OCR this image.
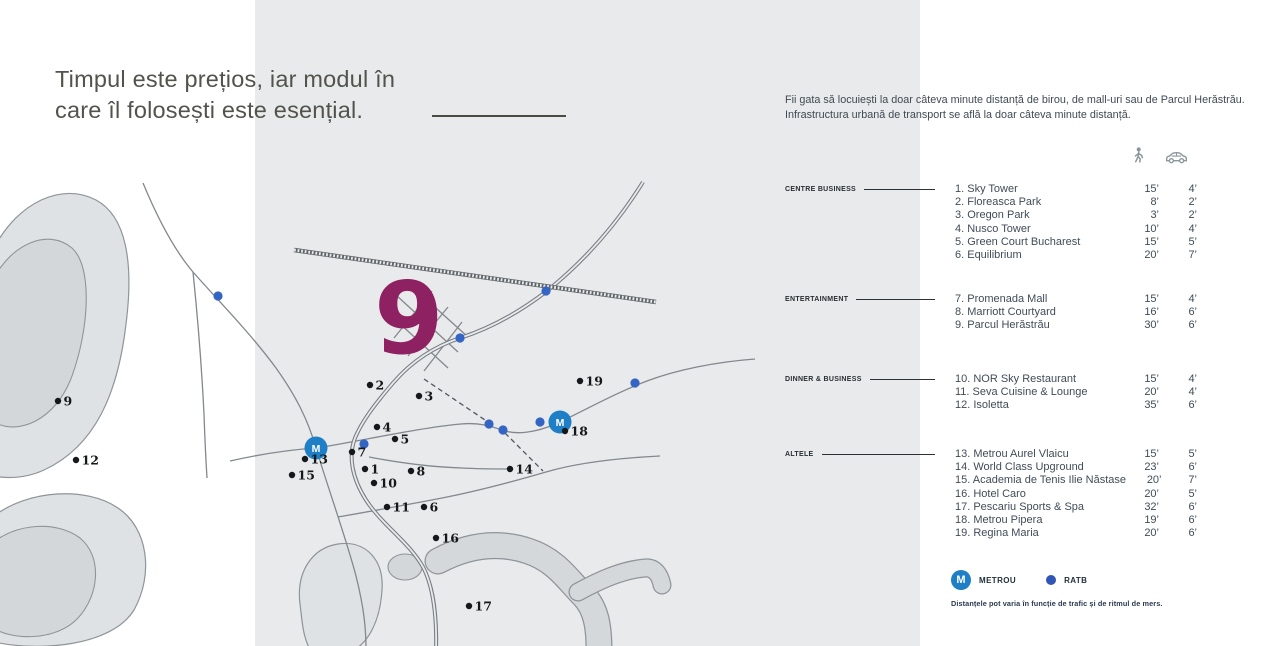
Timpul este prețios, iar modul în
care îl folosești este esențial.
9
M
M
1
2
3
4
5
6
7
8
9
10
11
12	13
14
15
16
17
18
19
Fii gata să locuiești la doar câteva minute distanță de birou, de mall-uri sau de Parcul Herăstrău.
Infrastructura urbană de transport se află la doar câteva minute distanță.
CENTRE BUSINESS	1. Sky Tower	15’	4’
2. Floreasca Park	8’	2’
3. Oregon Park	3’	2’
4. Nusco Tower	10’	4’
5. Green Court Bucharest	15’	5’
6. Equilibrium	20’	7’
ENTERTAINMENT	7. Promenada Mall	15’	4’
8. Marriott Courtyard	16’	6’
9. Parcul Herăstrău	30’	6’
DINNER & BUSINESS	10. NOR Sky Restaurant	15’	4’
11. Seva Cuisine & Lounge	20’	4’
12. Isoletta	35’	6’
ALTELE	13. Metrou Aurel Vlaicu	15’	5’
14. World Class Upground	23’	6’
15. Academia de Tenis Ilie Năstase	20’	7’
16. Hotel Caro	20’	5’
17. Pescariu Sports & Spa	32’	6’
18. Metrou Pipera	19’	6’
19. Regina Maria	20’	6’
M	METROU	RATB
Distanțele pot varia în funcție de trafic și de ritmul de mers.
